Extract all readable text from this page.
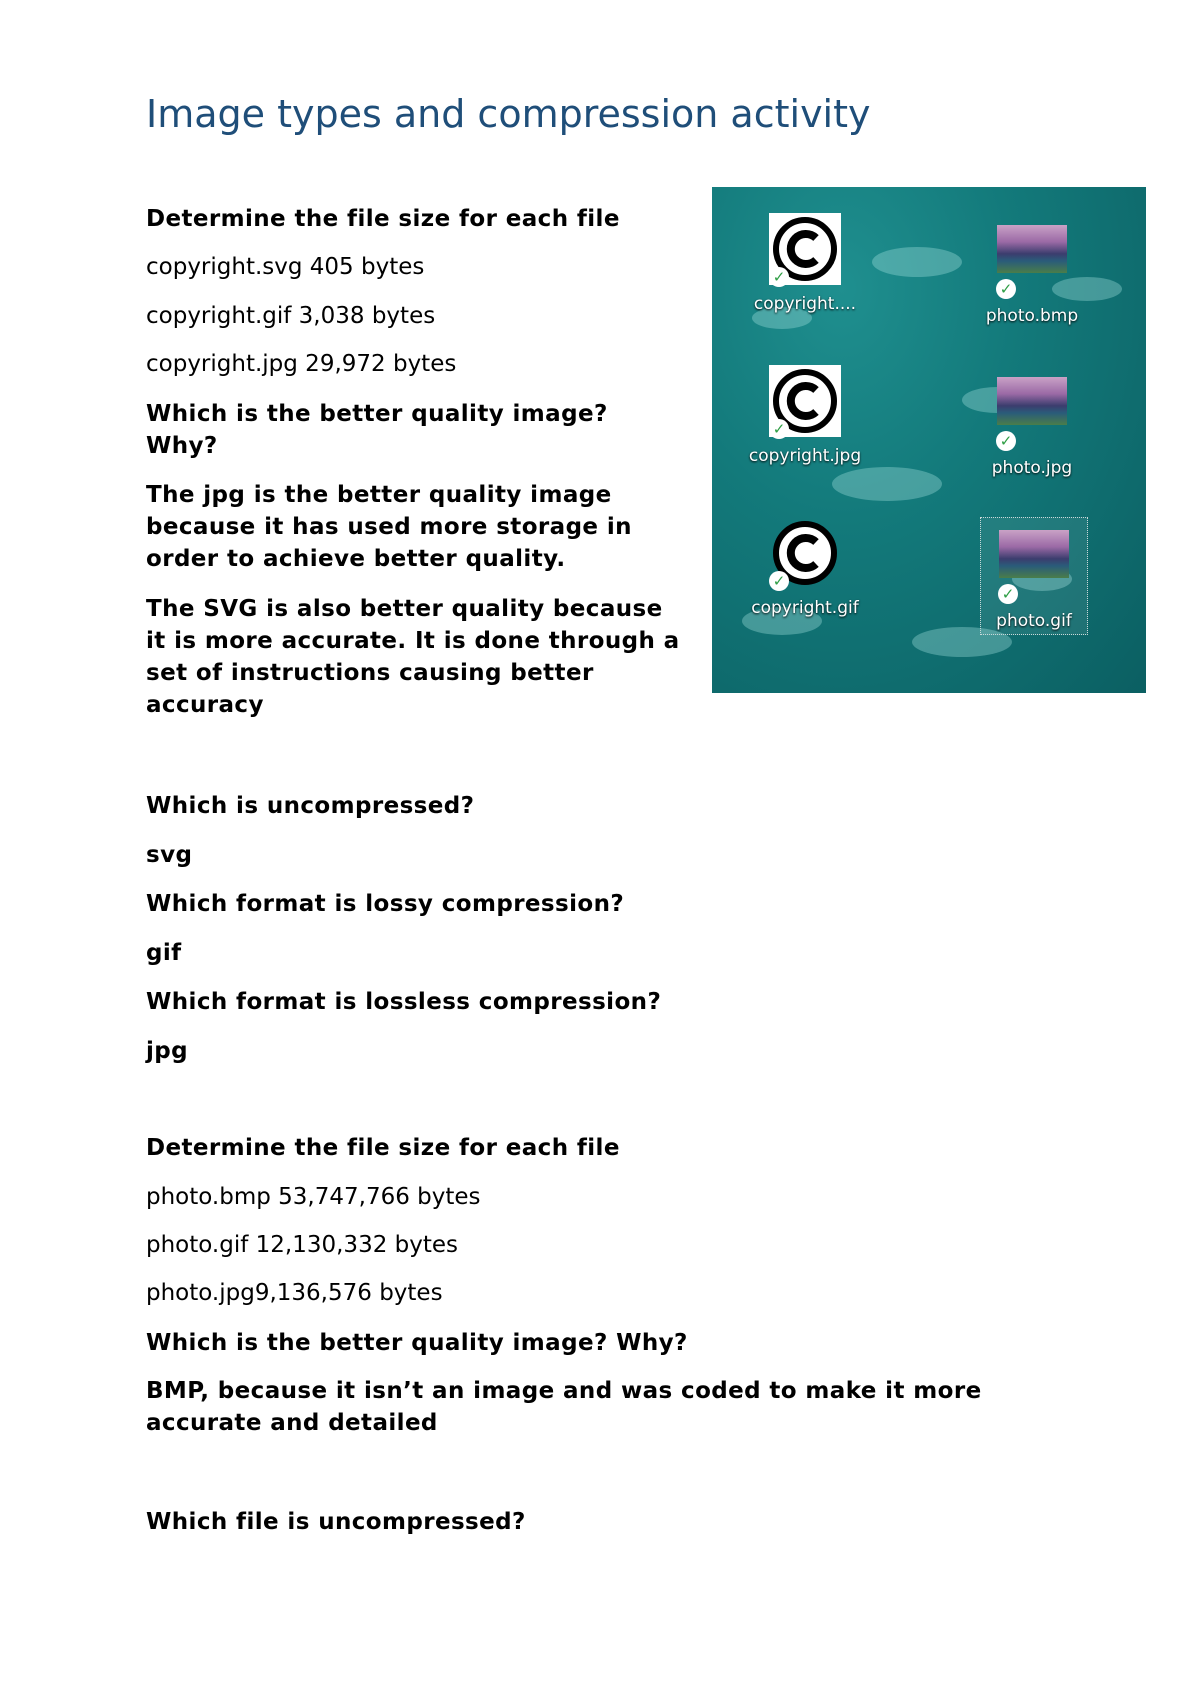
Image types and compression activity

Determine the file size for each file

copyright.svg 405 bytes

copyright.gif 3,038 bytes

copyright.jpg 29,972 bytes

Which is the better quality image?
Why?

The jpg is the better quality image
because it has used more storage in
order to achieve better quality.

The SVG is also better quality because
it is more accurate. It is done through a
set of instructions causing better
accuracy

Which is uncompressed?

svg

Which format is lossy compression?

gif

Which format is lossless compression?

jpg

Determine the file size for each file

photo.bmp 53,747,766 bytes

photo.gif 12,130,332 bytes

photo.jpg9,136,576 bytes

Which is the better quality image? Why?

BMP, because it isn’t an image and was coded to make it more
accurate and detailed

Which file is uncompressed?

✓
copyright....
✓
photo.bmp
✓
copyright.jpg
✓
photo.jpg
✓
copyright.gif
✓
photo.gif
